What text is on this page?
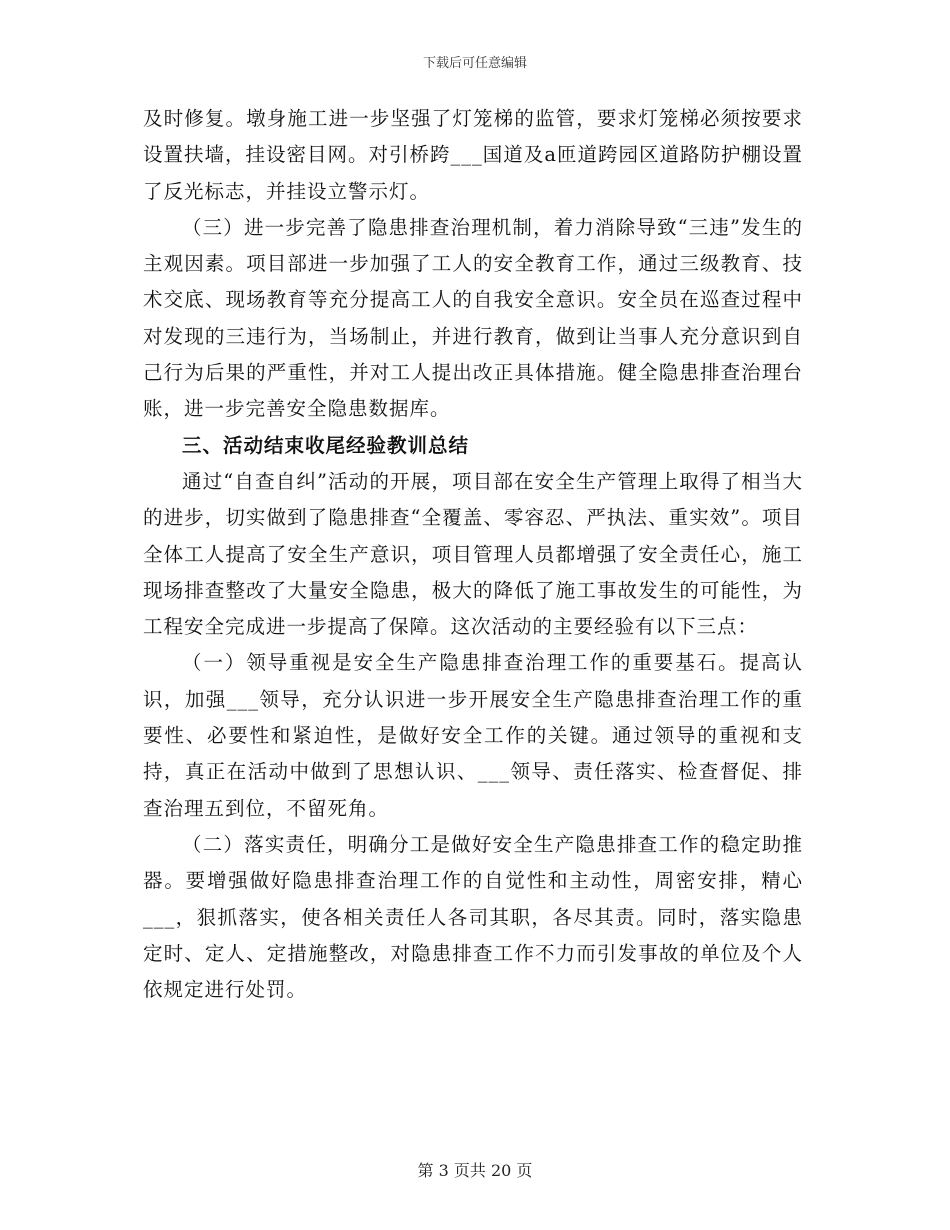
下载后可任意编辑

及时修复。墩身施工进一步坚强了灯笼梯的监管，要求灯笼梯必须按要求设置扶墙，挂设密目网。对引桥跨___国道及a匝道跨园区道路防护棚设置了反光标志，并挂设立警示灯。

（三）进一步完善了隐患排查治理机制，着力消除导致“三违”发生的主观因素。项目部进一步加强了工人的安全教育工作，通过三级教育、技术交底、现场教育等充分提高工人的自我安全意识。安全员在巡查过程中对发现的三违行为，当场制止，并进行教育，做到让当事人充分意识到自己行为后果的严重性，并对工人提出改正具体措施。健全隐患排查治理台账，进一步完善安全隐患数据库。

三、活动结束收尾经验教训总结

通过“自查自纠”活动的开展，项目部在安全生产管理上取得了相当大的进步，切实做到了隐患排查“全覆盖、零容忍、严执法、重实效”。项目全体工人提高了安全生产意识，项目管理人员都增强了安全责任心，施工现场排查整改了大量安全隐患，极大的降低了施工事故发生的可能性，为工程安全完成进一步提高了保障。这次活动的主要经验有以下三点：

（一）领导重视是安全生产隐患排查治理工作的重要基石。提高认识，加强___领导，充分认识进一步开展安全生产隐患排查治理工作的重要性、必要性和紧迫性，是做好安全工作的关键。通过领导的重视和支持，真正在活动中做到了思想认识、___领导、责任落实、检查督促、排查治理五到位，不留死角。

（二）落实责任，明确分工是做好安全生产隐患排查工作的稳定助推器。要增强做好隐患排查治理工作的自觉性和主动性，周密安排，精心___，狠抓落实，使各相关责任人各司其职，各尽其责。同时，落实隐患定时、定人、定措施整改，对隐患排查工作不力而引发事故的单位及个人依规定进行处罚。

第 3 页共 20 页
